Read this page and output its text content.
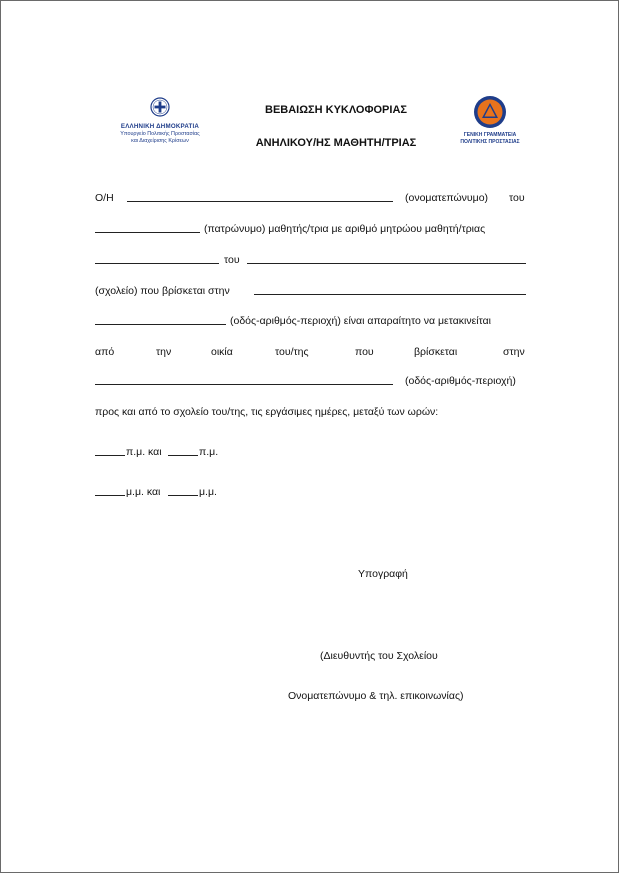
ΕΛΛΗΝΙΚΗ ΔΗΜΟΚΡΑΤΙΑ
Υπουργείο Πολιτικής Προστασίας
και Διαχείρισης Κρίσεων
ΒΕΒΑΙΩΣΗ ΚΥΚΛΟΦΟΡΙΑΣ
ΑΝΗΛΙΚΟΥ/ΗΣ ΜΑΘΗΤΗ/ΤΡΙΑΣ
ΓΕΝΙΚΗ ΓΡΑΜΜΑΤΕΙΑ
ΠΟΛΙΤΙΚΗΣ ΠΡΟΣΤΑΣΙΑΣ
Ο/Η	(ονοματεπώνυμο) του
(πατρώνυμο) μαθητής/τρια με αριθμό μητρώου μαθητή/τριας
του
(σχολείο) που βρίσκεται στην
(οδός-αριθμός-περιοχή) είναι απαραίτητο να μετακινείται
από	την	οικία	του/της	που	βρίσκεται	στην
(οδός-αριθμός-περιοχή)
προς και από το σχολείο του/της, τις εργάσιμες ημέρες, μεταξύ των ωρών:
π.μ. και	π.μ.
μ.μ. και	μ.μ.
Υπογραφή
(Διευθυντής του Σχολείου
Ονοματεπώνυμο & τηλ. επικοινωνίας)
